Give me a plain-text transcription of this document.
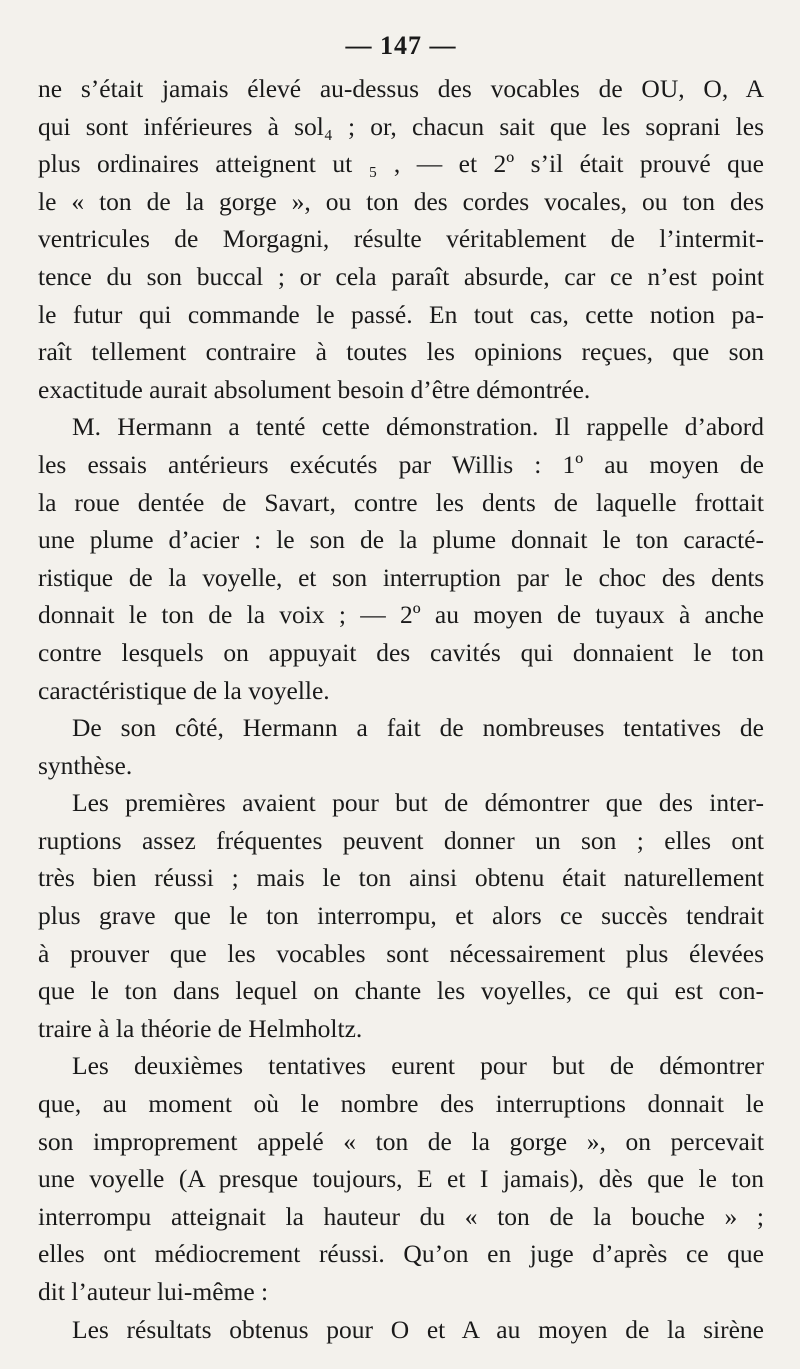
— 147 —
ne s’était jamais élevé au-dessus des vocables de OU, O, A
qui sont inférieures à sol₄ ; or, chacun sait que les soprani les
plus ordinaires atteignent ut ₅ , — et 2º s’il était prouvé que
le « ton de la gorge », ou ton des cordes vocales, ou ton des
ventricules de Morgagni, résulte véritablement de l’intermit-
tence du son buccal ; or cela paraît absurde, car ce n’est point
le futur qui commande le passé. En tout cas, cette notion pa-
raît tellement contraire à toutes les opinions reçues, que son
exactitude aurait absolument besoin d’être démontrée.
M. Hermann a tenté cette démonstration. Il rappelle d’abord
les essais antérieurs exécutés par Willis : 1º au moyen de
la roue dentée de Savart, contre les dents de laquelle frottait
une plume d’acier : le son de la plume donnait le ton caracté-
ristique de la voyelle, et son interruption par le choc des dents
donnait le ton de la voix ; — 2º au moyen de tuyaux à anche
contre lesquels on appuyait des cavités qui donnaient le ton
caractéristique de la voyelle.
De son côté, Hermann a fait de nombreuses tentatives de
synthèse.
Les premières avaient pour but de démontrer que des inter-
ruptions assez fréquentes peuvent donner un son ; elles ont
très bien réussi ; mais le ton ainsi obtenu était naturellement
plus grave que le ton interrompu, et alors ce succès tendrait
à prouver que les vocables sont nécessairement plus élevées
que le ton dans lequel on chante les voyelles, ce qui est con-
traire à la théorie de Helmholtz.
Les deuxièmes tentatives eurent pour but de démontrer
que, au moment où le nombre des interruptions donnait le
son improprement appelé « ton de la gorge », on percevait
une voyelle (A presque toujours, E et I jamais), dès que le ton
interrompu atteignait la hauteur du « ton de la bouche » ;
elles ont médiocrement réussi. Qu’on en juge d’après ce que
dit l’auteur lui-même :
Les résultats obtenus pour O et A au moyen de la sirène
